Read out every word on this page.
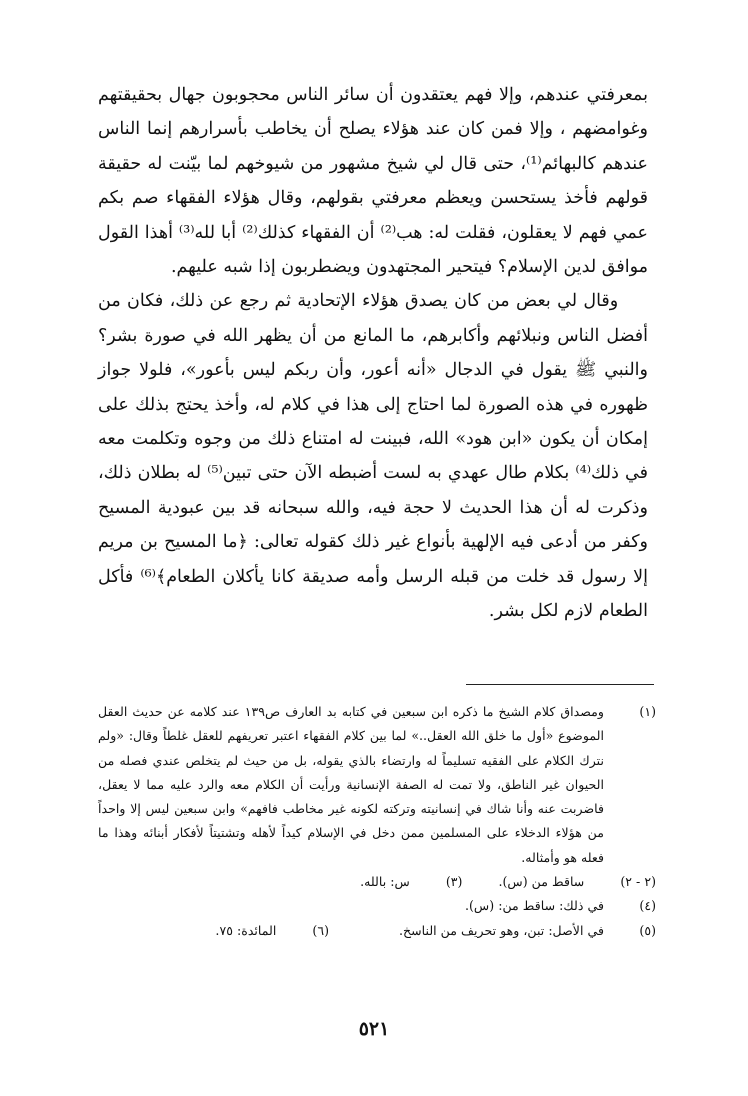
بمعرفتي عندهم، وإلا فهم يعتقدون أن سائر الناس محجوبون جهال بحقيقتهم وغوامضهم ، وإلا فمن كان عند هؤلاء يصلح أن يخاطب بأسرارهم إنما الناس عندهم كالبهائم⁽¹⁾، حتى قال لي شيخ مشهور من شيوخهم لما بيّنت له حقيقة قولهم فأخذ يستحسن ويعظم معرفتي بقولهم، وقال هؤلاء الفقهاء صم بكم عمي فهم لا يعقلون، فقلت له: هب⁽²⁾ أن الفقهاء كذلك⁽²⁾ أبا لله⁽³⁾ أهذا القول موافق لدين الإسلام؟ فيتحير المجتهدون ويضطربون إذا شبه عليهم.

وقال لي بعض من كان يصدق هؤلاء الإتحادية ثم رجع عن ذلك، فكان من أفضل الناس ونبلائهم وأكابرهم، ما المانع من أن يظهر الله في صورة بشر؟ والنبي ﷺ يقول في الدجال «أنه أعور، وأن ربكم ليس بأعور»، فلولا جواز ظهوره في هذه الصورة لما احتاج إلى هذا في كلام له، وأخذ يحتج بذلك على إمكان أن يكون «ابن هود» الله، فبينت له امتناع ذلك من وجوه وتكلمت معه في ذلك⁽⁴⁾ بكلام طال عهدي به لست أضبطه الآن حتى تبين⁽⁵⁾ له بطلان ذلك، وذكرت له أن هذا الحديث لا حجة فيه، والله سبحانه قد بين عبودية المسيح وكفر من أدعى فيه الإلهية بأنواع غير ذلك كقوله تعالى: ﴿ما المسيح بن مريم إلا رسول قد خلت من قبله الرسل وأمه صديقة كانا يأكلان الطعام﴾⁽⁶⁾ فأكل الطعام لازم لكل بشر.

(١)
ومصداق كلام الشيخ ما ذكره ابن سبعين في كتابه بد العارف ص١٣٩ عند كلامه عن حديث العقل الموضوع «أول ما خلق الله العقل..» لما بين كلام الفقهاء اعتبر تعريفهم للعقل غلطاً وقال: «ولم نترك الكلام على الفقيه تسليماً له وارتضاء بالذي يقوله، بل من حيث لم يتخلص عندي فصله من الحيوان غير الناطق، ولا تمت له الصفة الإنسانية ورأيت أن الكلام معه والرد عليه مما لا يعقل، فاضربت عنه وأنا شاك في إنسانيته وتركته لكونه غير مخاطب فافهم» وابن سبعين ليس إلا واحداً من هؤلاء الدخلاء على المسلمين ممن دخل في الإسلام كيداً لأهله وتشتيتاً لأفكار أبنائه وهذا ما فعله هو وأمثاله.
(٢ - ٢)
ساقط من (س).
(٣)
س: بالله.
(٤)
في ذلك: ساقط من: (س).
(٥)
في الأصل: تبن، وهو تحريف من الناسخ.
(٦)
المائدة: ٧٥.
٥٢١
